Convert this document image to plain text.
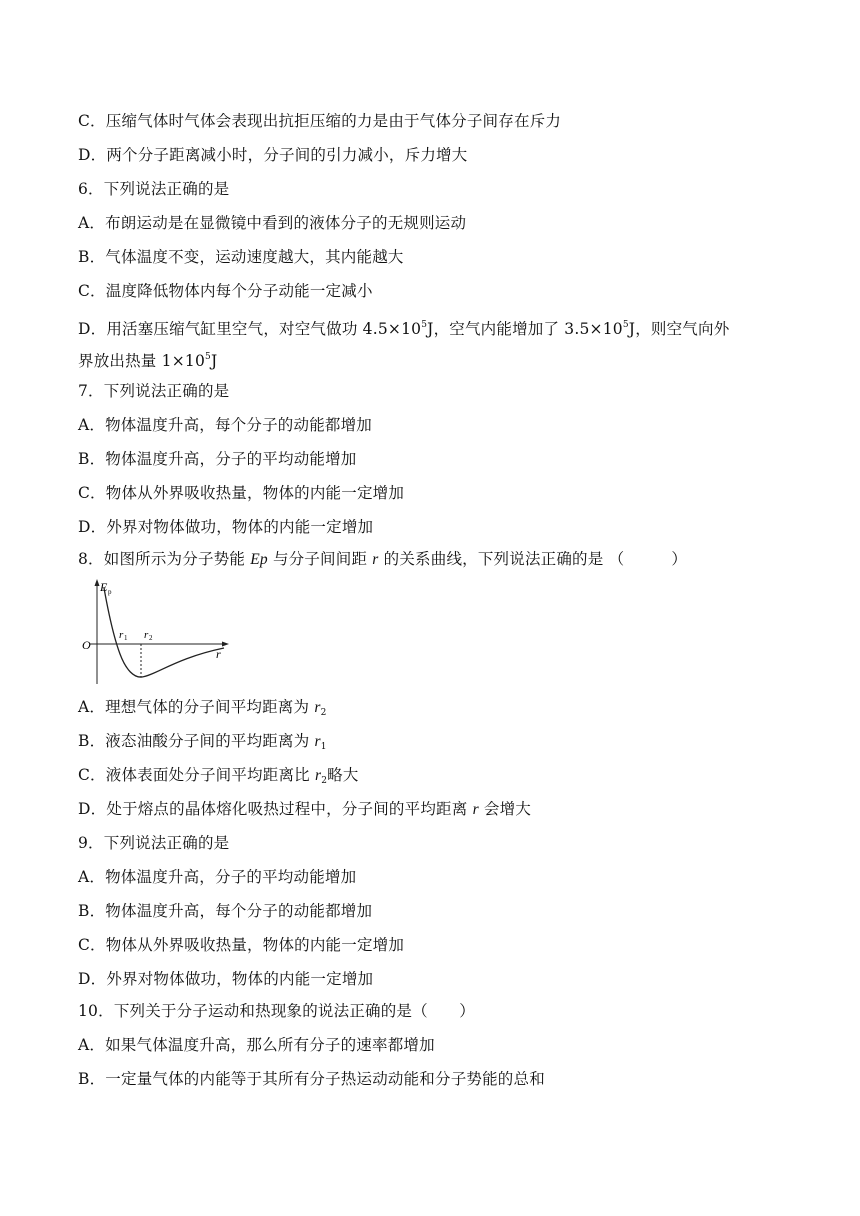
C．压缩气体时气体会表现出抗拒压缩的力是由于气体分子间存在斥力
D．两个分子距离减小时，分子间的引力减小，斥力增大
6．下列说法正确的是
A．布朗运动是在显微镜中看到的液体分子的无规则运动
B．气体温度不变，运动速度越大，其内能越大
C．温度降低物体内每个分子动能一定减小
D．用活塞压缩气缸里空气，对空气做功 $4.5\times 10^5J$，空气内能增加了 $3.5\times 10^5J$，则空气向外
界放出热量 $1\times 10^5J$
7．下列说法正确的是
A．物体温度升高，每个分子的动能都增加
B．物体温度升高，分子的平均动能增加
C．物体从外界吸收热量，物体的内能一定增加
D．外界对物体做功，物体的内能一定增加
8．如图所示为分子势能 Ep 与分子间间距 r 的关系曲线，下列说法正确的是 （　　　）
E p
O
r
r 1 r 2
A．理想气体的分子间平均距离为 $r_2$
B．液态油酸分子间的平均距离为 $r_1$
C．液体表面处分子间平均距离比 $r_2$略大
D．处于熔点的晶体熔化吸热过程中，分子间的平均距离 r 会增大
9．下列说法正确的是
A．物体温度升高，分子的平均动能增加
B．物体温度升高，每个分子的动能都增加
C．物体从外界吸收热量，物体的内能一定增加
D．外界对物体做功，物体的内能一定增加
10．下列关于分子运动和热现象的说法正确的是（　　）
A．如果气体温度升高，那么所有分子的速率都增加
B．一定量气体的内能等于其所有分子热运动动能和分子势能的总和
